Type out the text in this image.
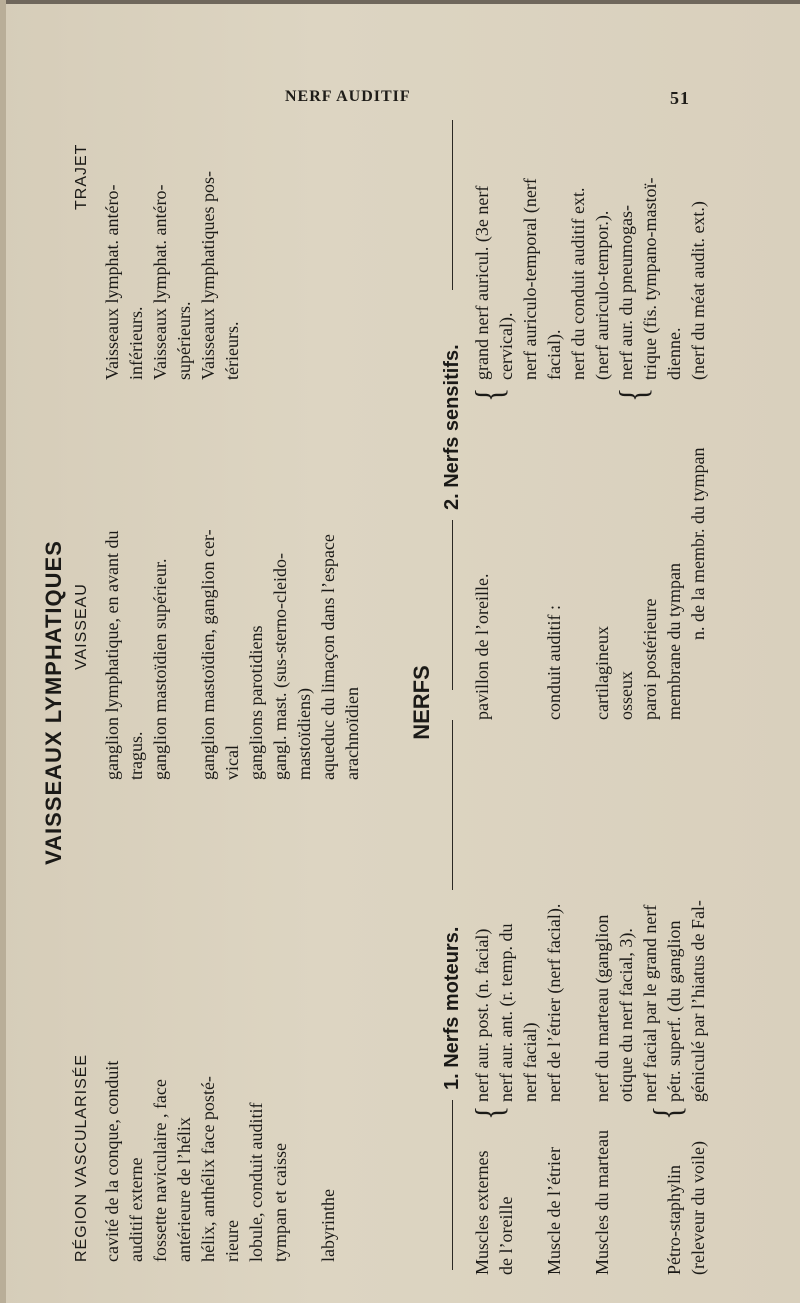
NERF AUDITIF	51
VAISSEAUX LYMPHATIQUES
RÉGION VASCULARISÉE
VAISSEAU
TRAJET
cavité de la conque, conduit
auditif externe
ganglion lymphatique, en avant du
tragus.
Vaisseaux lymphat. antéro-
inférieurs.
fossette naviculaire , face
antérieure de l’hélix
ganglion mastoïdien supérieur.
Vaisseaux lymphat. antéro-
supérieurs.
hélix, anthélix face posté-
rieure
ganglion mastoïdien, ganglion cer-
vical
Vaisseaux lymphatiques pos-
térieurs.
lobule, conduit auditif
ganglions parotidiens
tympan et caisse
gangl. mast. (sus-sterno-cleido-
mastoïdiens)
labyrinthe
aqueduc du limaçon dans l’espace
arachnoïdien NERFS
1. Nerfs moteurs.
2. Nerfs sensitifs.
Muscles externes
de l’oreille
{
nerf aur. post. (n. facial) nerf aur. ant. (r. temp. du nerf facial)
Muscle de l’étrier
nerf de l’étrier (nerf facial).
Muscles du marteau
nerf du marteau (ganglion otique du nerf facial, 3).
Pétro-staphylin
(releveur du voile)
{
nerf facial par le grand nerf pétr. superf. (du ganglion géniculé par l’hiatus de Fal-
pavillon de l’oreille.	conduit auditif : cartilagineux
osseux
paroi postérieure
membrane du tympan
{
grand nerf auricul. (3e nerf cervical). nerf auriculo-temporal (nerf facial). nerf du conduit auditif ext. (nerf auriculo-tempor.).
{
nerf aur. du pneumogas- trique (fis. tympano-mastoï- dienne.
n. de la membr. du tympan
(nerf du méat audit. ext.)
